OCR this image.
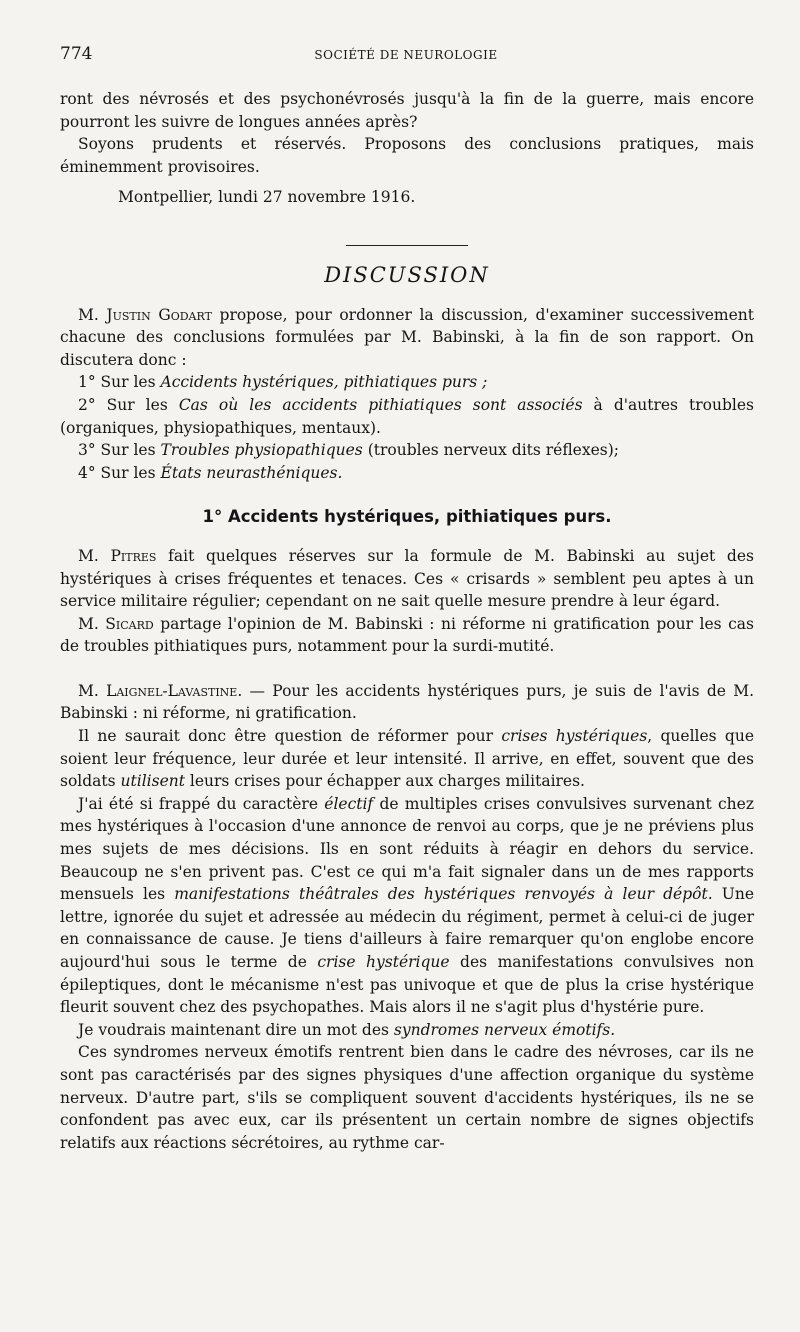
774	SOCIÉTÉ DE NEUROLOGIE

ront des névrosés et des psychonévrosés jusqu'à la fin de la guerre, mais encore pourront les suivre de longues années après?

Soyons prudents et réservés. Proposons des conclusions pratiques, mais éminemment provisoires.

Montpellier, lundi 27 novembre 1916.

DISCUSSION

M. Justin Godart propose, pour ordonner la discussion, d'examiner successivement chacune des conclusions formulées par M. Babinski, à la fin de son rapport. On discutera donc :

1° Sur les Accidents hystériques, pithiatiques purs ;

2° Sur les Cas où les accidents pithiatiques sont associés à d'autres troubles (organiques, physiopathiques, mentaux).

3° Sur les Troubles physiopathiques (troubles nerveux dits réflexes);

4° Sur les États neurasthéniques.

1° Accidents hystériques, pithiatiques purs.

M. Pitres fait quelques réserves sur la formule de M. Babinski au sujet des hystériques à crises fréquentes et tenaces. Ces « crisards » semblent peu aptes à un service militaire régulier; cependant on ne sait quelle mesure prendre à leur égard.

M. Sicard partage l'opinion de M. Babinski : ni réforme ni gratification pour les cas de troubles pithiatiques purs, notamment pour la surdi-mutité.

M. Laignel-Lavastine. — Pour les accidents hystériques purs, je suis de l'avis de M. Babinski : ni réforme, ni gratification.

Il ne saurait donc être question de réformer pour crises hystériques, quelles que soient leur fréquence, leur durée et leur intensité. Il arrive, en effet, souvent que des soldats utilisent leurs crises pour échapper aux charges militaires.

J'ai été si frappé du caractère électif de multiples crises convulsives survenant chez mes hystériques à l'occasion d'une annonce de renvoi au corps, que je ne préviens plus mes sujets de mes décisions. Ils en sont réduits à réagir en dehors du service. Beaucoup ne s'en privent pas. C'est ce qui m'a fait signaler dans un de mes rapports mensuels les manifestations théâtrales des hystériques renvoyés à leur dépôt. Une lettre, ignorée du sujet et adressée au médecin du régiment, permet à celui-ci de juger en connaissance de cause. Je tiens d'ailleurs à faire remarquer qu'on englobe encore aujourd'hui sous le terme de crise hystérique des manifestations convulsives non épileptiques, dont le mécanisme n'est pas univoque et que de plus la crise hystérique fleurit souvent chez des psychopathes. Mais alors il ne s'agit plus d'hystérie pure.

Je voudrais maintenant dire un mot des syndromes nerveux émotifs.

Ces syndromes nerveux émotifs rentrent bien dans le cadre des névroses, car ils ne sont pas caractérisés par des signes physiques d'une affection organique du système nerveux. D'autre part, s'ils se compliquent souvent d'accidents hystériques, ils ne se confondent pas avec eux, car ils présentent un certain nombre de signes objectifs relatifs aux réactions sécrétoires, au rythme car-
